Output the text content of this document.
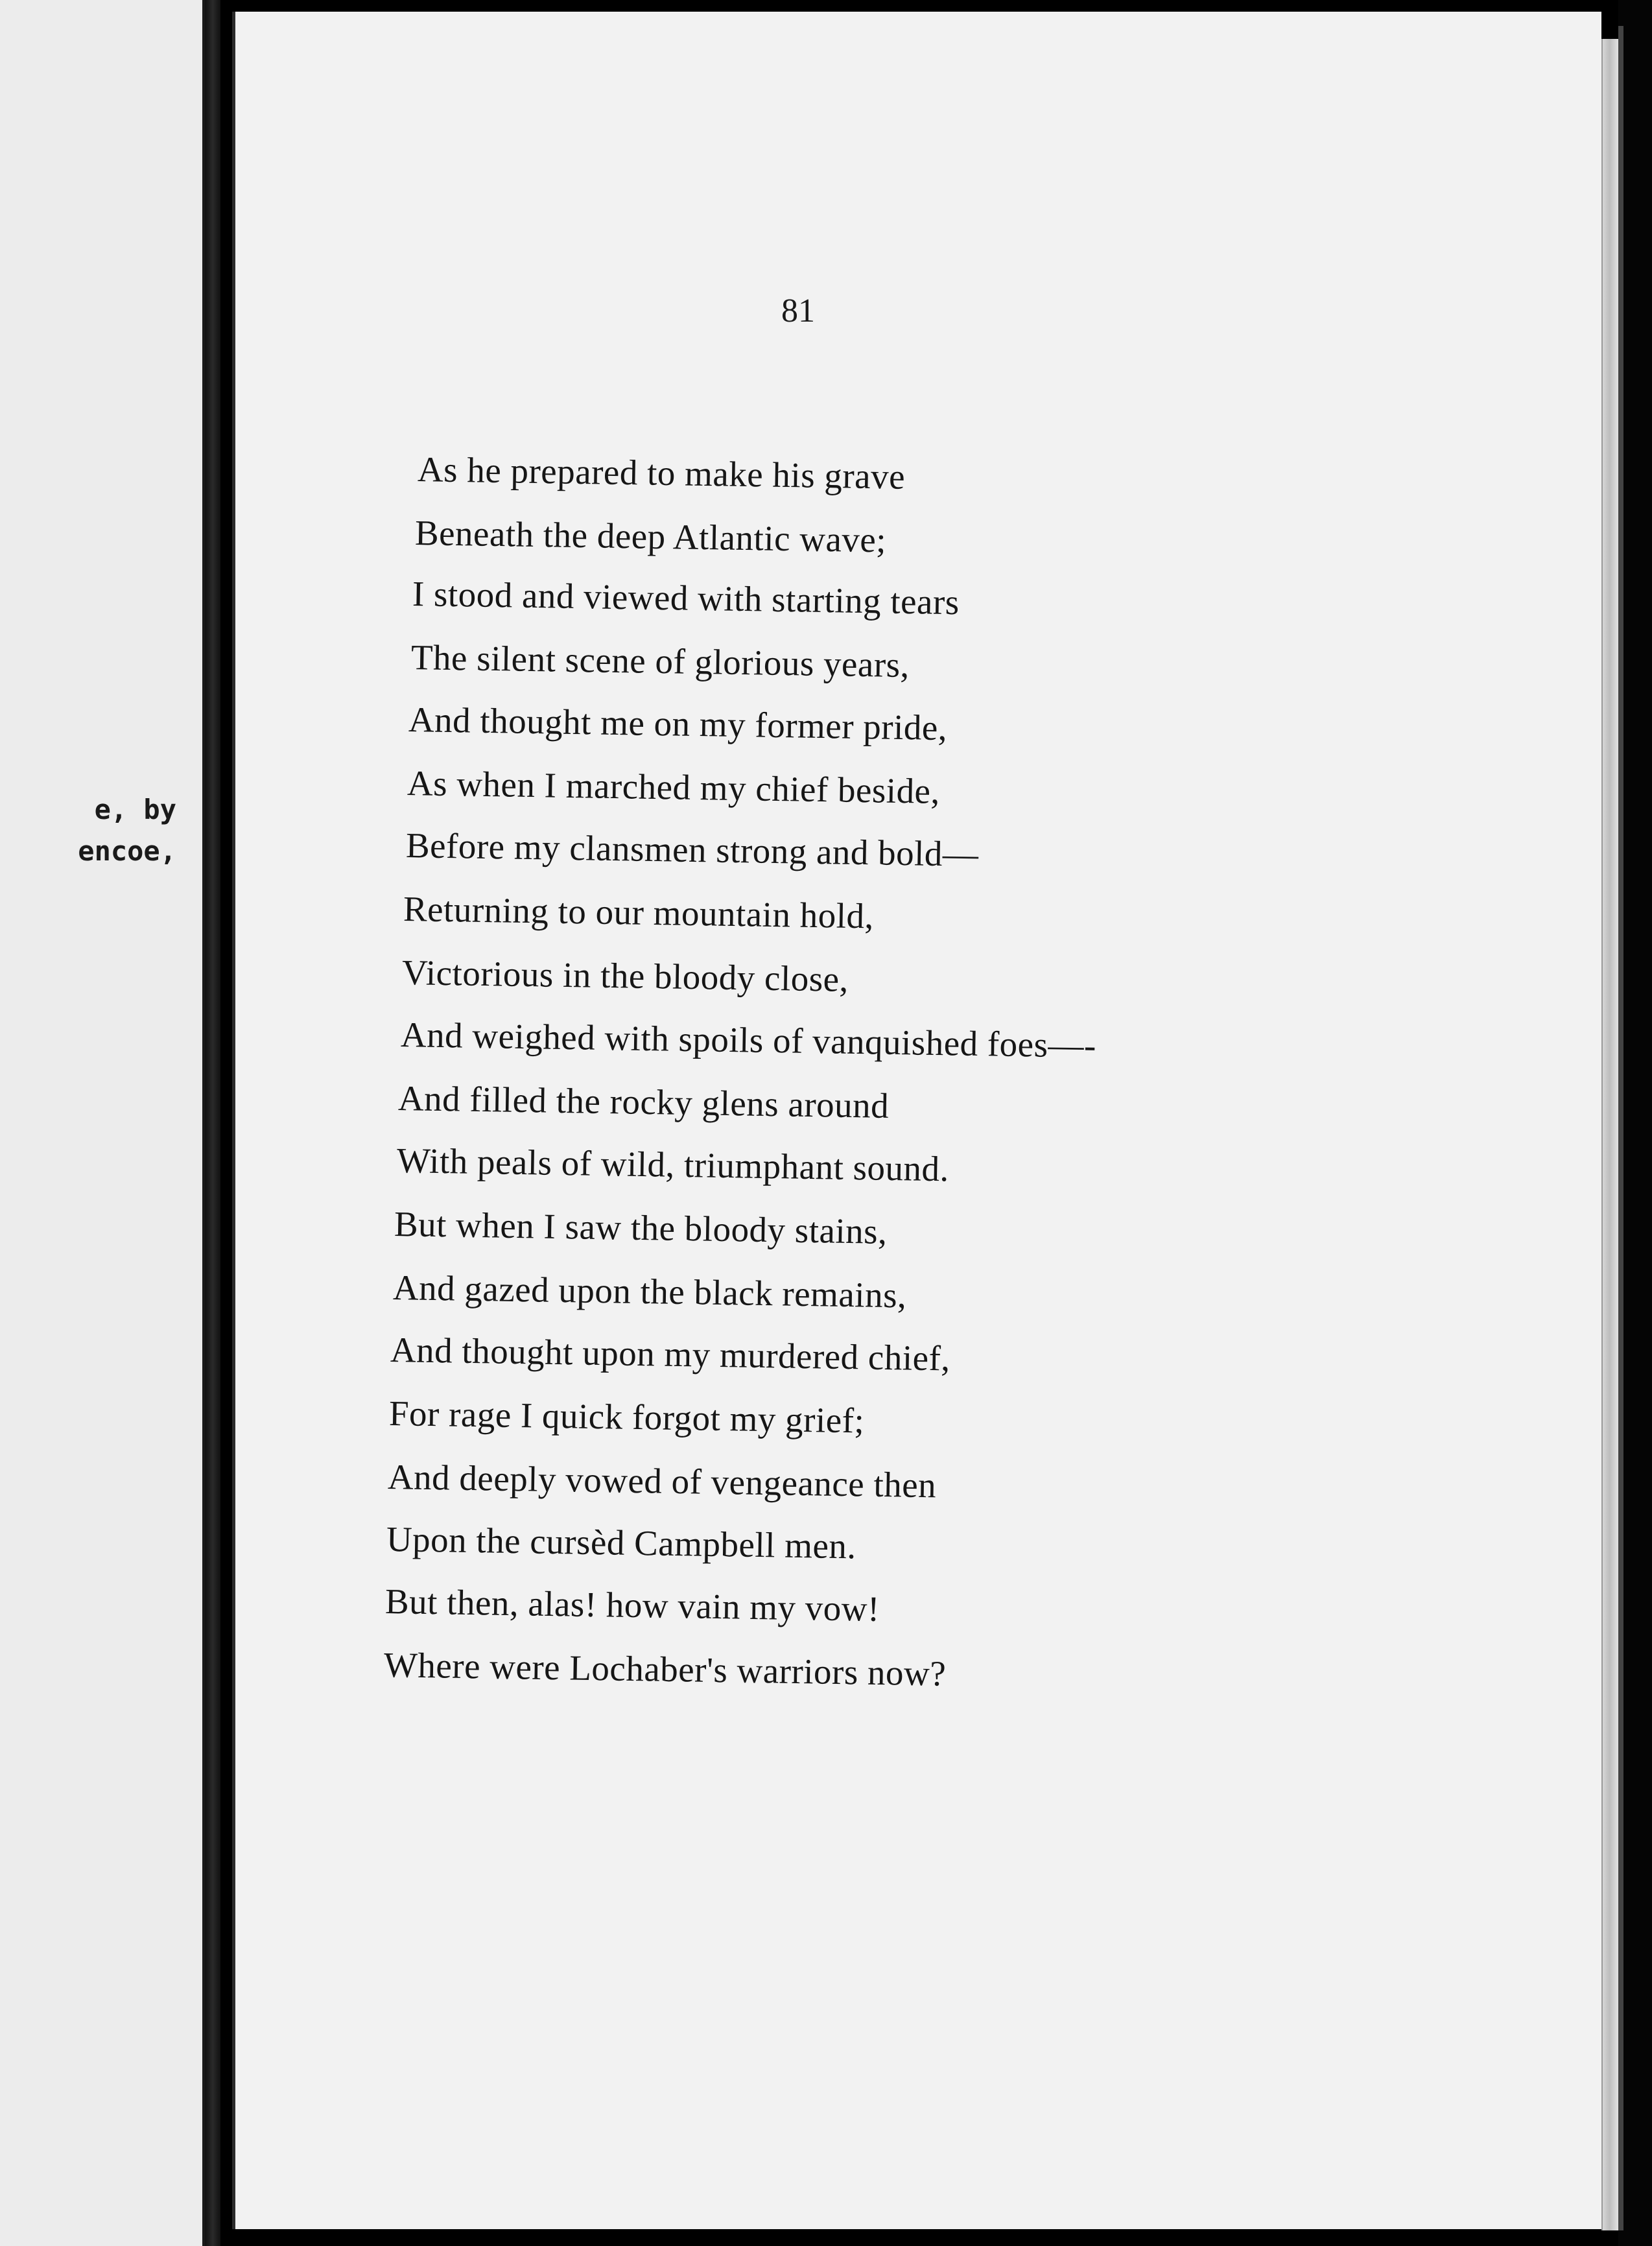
e, by
encoe,
81
As he prepared to make his grave
Beneath the deep Atlantic wave;
I stood and viewed with starting tears
The silent scene of glorious years,
And thought me on my former pride,
As when I marched my chief beside,
Before my clansmen strong and bold—
Returning to our mountain hold,
Victorious in the bloody close,
And weighed with spoils of vanquished foes—-
And filled the rocky glens around
With peals of wild, triumphant sound.
But when I saw the bloody stains,
And gazed upon the black remains,
And thought upon my murdered chief,
For rage I quick forgot my grief;
And deeply vowed of vengeance then
Upon the cursèd Campbell men.
But then, alas! how vain my vow!
Where were Lochaber's warriors now?
